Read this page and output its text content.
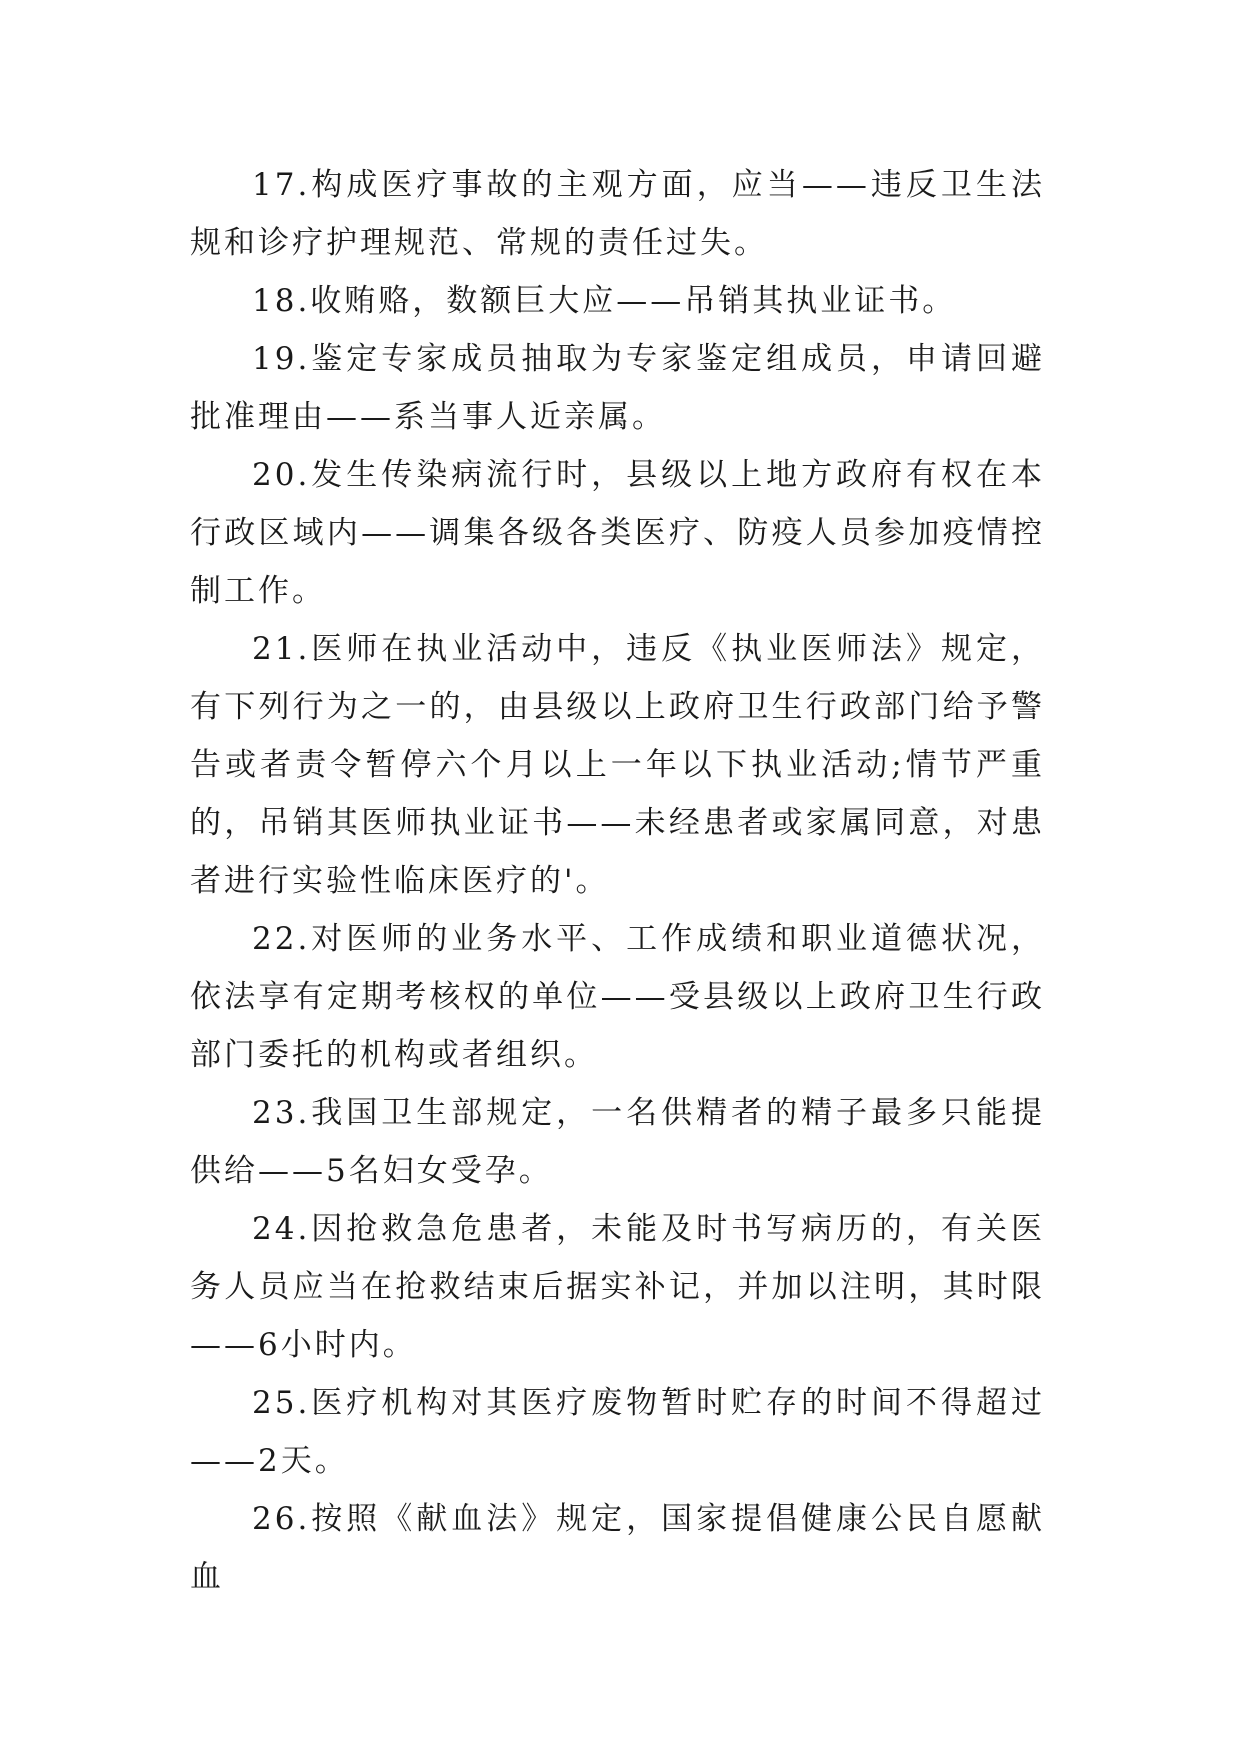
17.构成医疗事故的主观方面，应当——违反卫生法规和诊疗护理规范、常规的责任过失。

18.收贿赂，数额巨大应——吊销其执业证书。

19.鉴定专家成员抽取为专家鉴定组成员，申请回避批准理由——系当事人近亲属。

20.发生传染病流行时，县级以上地方政府有权在本行政区域内——调集各级各类医疗、防疫人员参加疫情控制工作。

21.医师在执业活动中，违反《执业医师法》规定，有下列行为之一的，由县级以上政府卫生行政部门给予警告或者责令暂停六个月以上一年以下执业活动;情节严重的，吊销其医师执业证书——未经患者或家属同意，对患者进行实验性临床医疗的'。

22.对医师的业务水平、工作成绩和职业道德状况，依法享有定期考核权的单位——受县级以上政府卫生行政部门委托的机构或者组织。

23.我国卫生部规定，一名供精者的精子最多只能提供给——5名妇女受孕。

24.因抢救急危患者，未能及时书写病历的，有关医务人员应当在抢救结束后据实补记，并加以注明，其时限——6小时内。

25.医疗机构对其医疗废物暂时贮存的时间不得超过——2天。

26.按照《献血法》规定，国家提倡健康公民自愿献血
